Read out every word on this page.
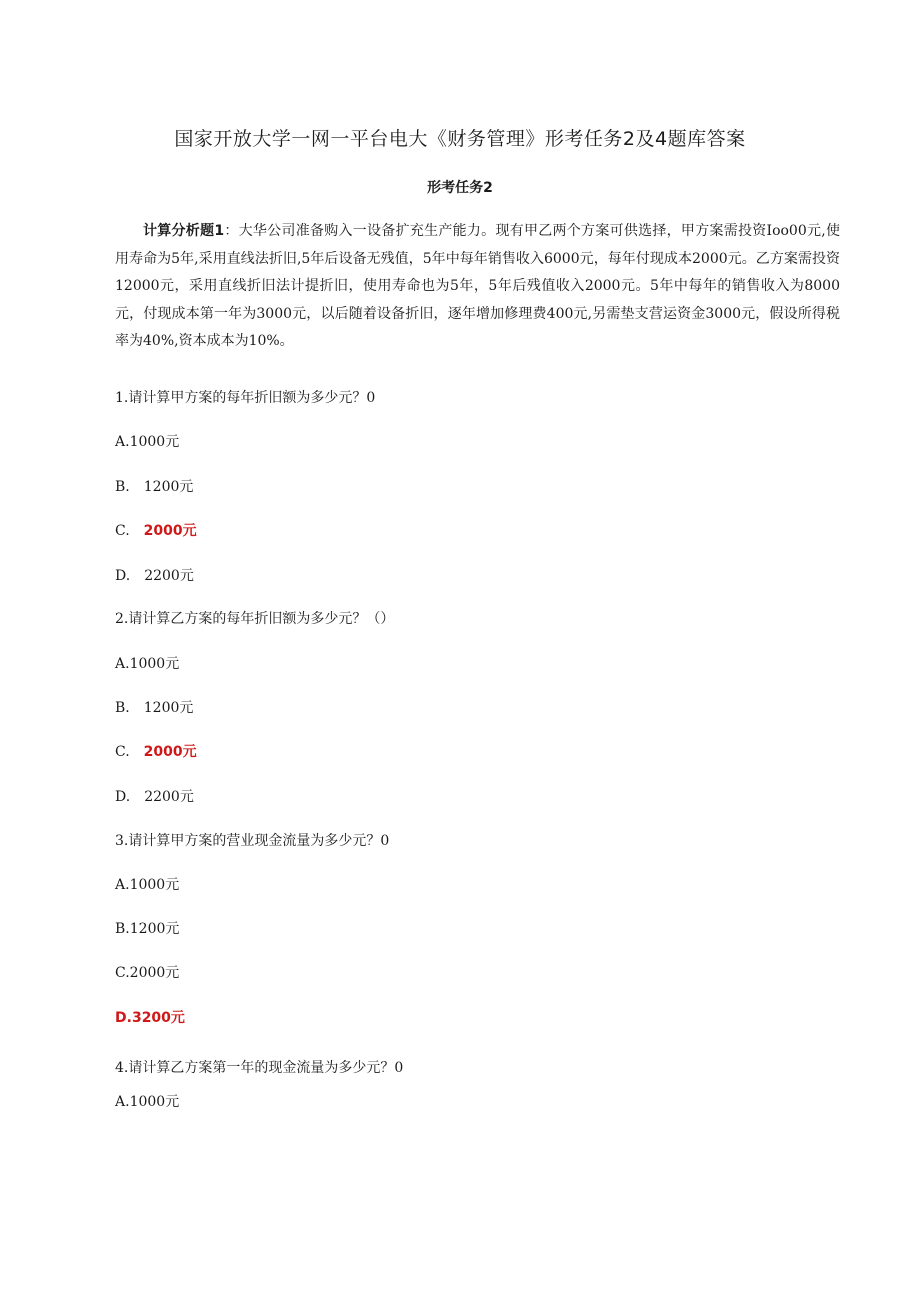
国家开放大学一网一平台电大《财务管理》形考任务2及4题库答案
形考任务2

计算分析题1：大华公司准备购入一设备扩充生产能力。现有甲乙两个方案可供选择，甲方案需投资Ioo00元,使用寿命为5年,采用直线法折旧,5年后设备无残值，5年中每年销售收入6000元，每年付现成本2000元。乙方案需投资12000元，采用直线折旧法计提折旧，使用寿命也为5年，5年后残值收入2000元。5年中每年的销售收入为8000元，付现成本第一年为3000元，以后随着设备折旧，逐年增加修理费400元,另需垫支营运资金3000元，假设所得税率为40%,资本成本为10%。

1.请计算甲方案的每年折旧额为多少元？0

A.1000元

B. 1200元

C. 2000元

D. 2200元

2.请计算乙方案的每年折旧额为多少元？（）

A.1000元

B. 1200元

C. 2000元

D. 2200元

3.请计算甲方案的营业现金流量为多少元？0

A.1000元

B.1200元

C.2000元

D.3200元

4.请计算乙方案第一年的现金流量为多少元？0

A.1000元
